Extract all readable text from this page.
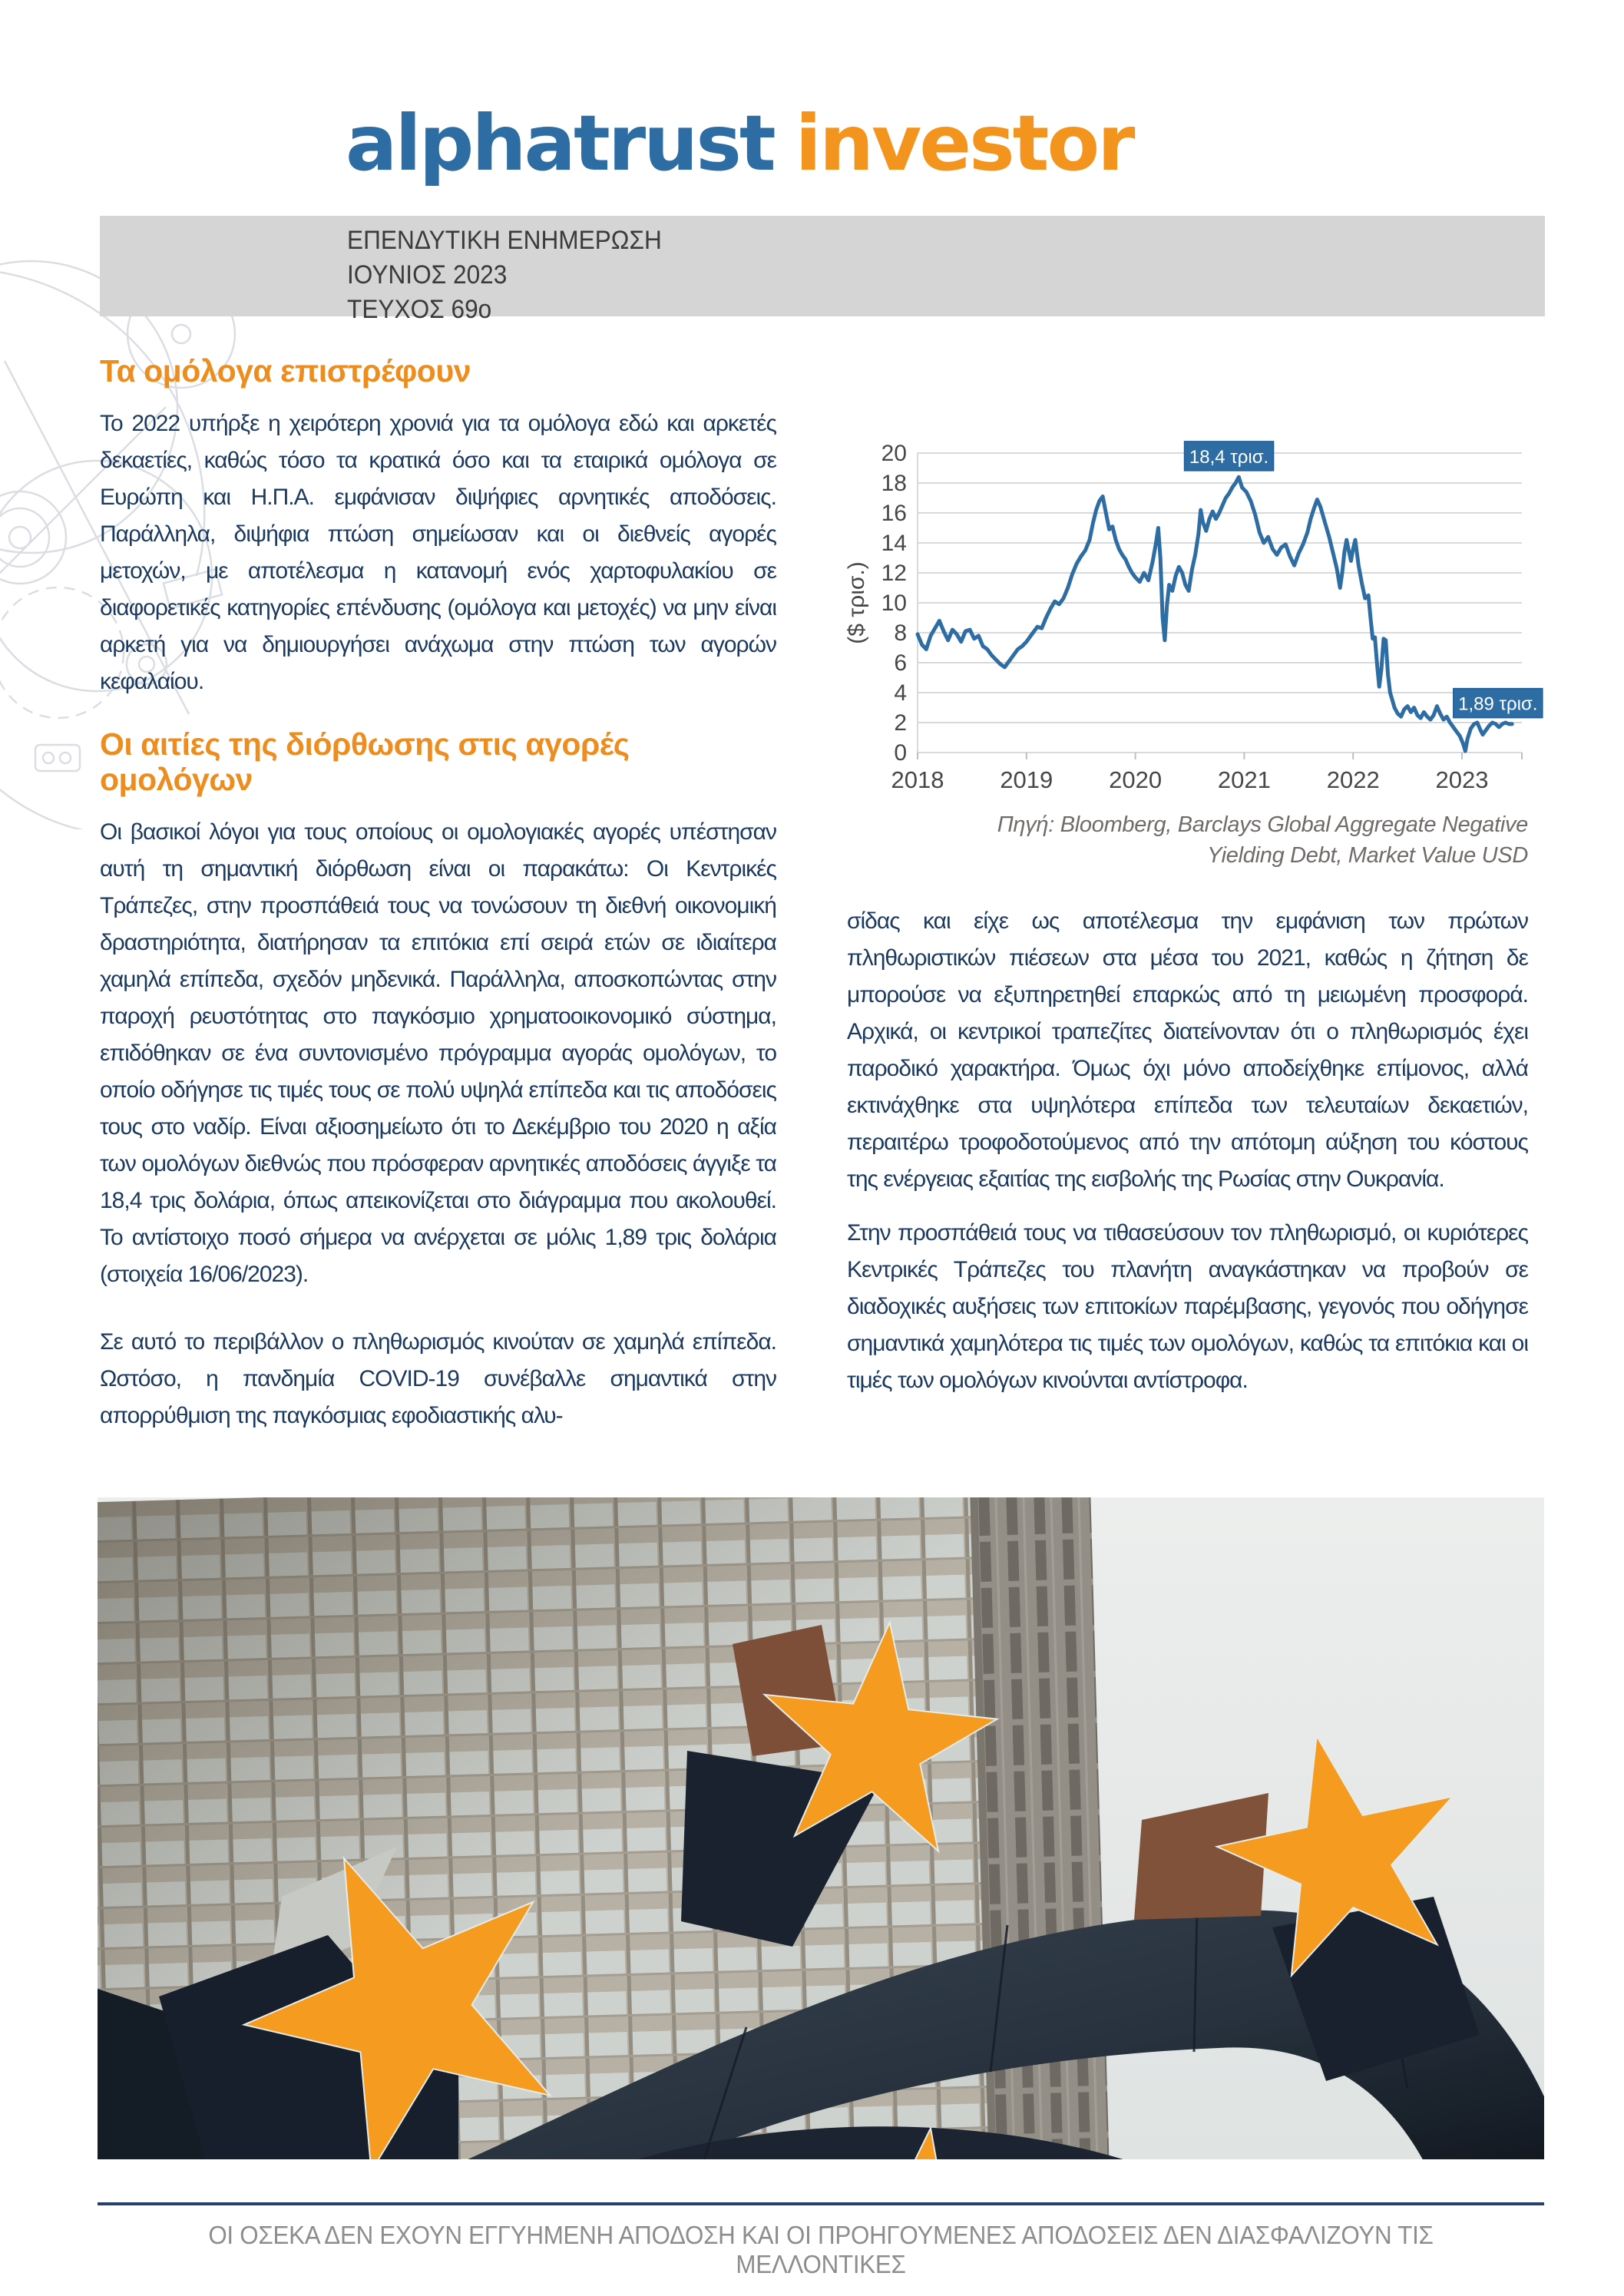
alphatrust investor
ΕΠΕΝΔΥΤΙΚΗ ΕΝΗΜΕΡΩΣΗ
ΙΟΥΝΙΟΣ 2023
ΤΕΥΧΟΣ 69ο
Τα ομόλογα επιστρέφουν
Το 2022 υπήρξε η χειρότερη χρονιά για τα ομόλογα εδώ και αρκετές δεκαετίες, καθώς τόσο τα κρατικά όσο και τα εταιρικά ομόλογα σε Ευρώπη και Η.Π.Α. εμφάνισαν διψήφιες αρνητικές αποδόσεις. Παράλληλα, διψήφια πτώση σημείωσαν και οι διεθνείς αγορές μετοχών, με αποτέλεσμα η κατανομή ενός χαρτοφυλακίου σε διαφορετικές κατηγορίες επένδυσης (ομόλογα και μετοχές) να μην είναι αρκετή για να δημιουργήσει ανάχωμα στην πτώση των αγορών κεφαλαίου.
Οι αιτίες της διόρθωσης στις αγορές ομολόγων
Οι βασικοί λόγοι για τους οποίους οι ομολογιακές αγορές υπέστησαν αυτή τη σημαντική διόρθωση είναι οι παρακάτω: Οι Κεντρικές Τράπεζες, στην προσπάθειά τους να τονώσουν τη διεθνή οικονομική δραστηριότητα, διατήρησαν τα επιτόκια επί σειρά ετών σε ιδιαίτερα χαμηλά επίπεδα, σχεδόν μηδενικά. Παράλληλα, αποσκοπώντας στην παροχή ρευστότητας στο παγκόσμιο χρηματοοικονομικό σύστημα, επιδόθηκαν σε ένα συντονισμένο πρόγραμμα αγοράς ομολόγων, το οποίο οδήγησε τις τιμές τους σε πολύ υψηλά επίπεδα και τις αποδόσεις τους στο ναδίρ. Είναι αξιοσημείωτο ότι το Δεκέμβριο του 2020 η αξία των ομολόγων διεθνώς που πρόσφεραν αρνητικές αποδόσεις άγγιξε τα 18,4 τρις δολάρια, όπως απεικονίζεται στο διάγραμμα που ακολουθεί. Το αντίστοιχο ποσό σήμερα να ανέρχεται σε μόλις 1,89 τρις δολάρια (στοιχεία 16/06/2023).
Σε αυτό το περιβάλλον ο πληθωρισμός κινούταν σε χαμηλά επίπεδα. Ωστόσο, η πανδημία COVID-19 συνέβαλλε σημαντικά στην απορρύθμιση της παγκόσμιας εφοδιαστικής αλυ-
0
2
4
6
8
10
12
14
16
18
20
2018 2019 2020 2021 2022 2023
($ τρισ.)
18,4 τρισ.
1,89 τρισ.
Πηγή: Bloomberg, Barclays Global Aggregate Negative
Yielding Debt, Market Value USD
σίδας και είχε ως αποτέλεσμα την εμφάνιση των πρώτων πληθωριστικών πιέσεων στα μέσα του 2021, καθώς η ζήτηση δε μπορούσε να εξυπηρετηθεί επαρκώς από τη μειωμένη προσφορά. Αρχικά, οι κεντρικοί τραπεζίτες διατείνονταν ότι ο πληθωρισμός έχει παροδικό χαρακτήρα. Όμως όχι μόνο αποδείχθηκε επίμονος, αλλά εκτινάχθηκε στα υψηλότερα επίπεδα των τελευταίων δεκαετιών, περαιτέρω τροφοδοτούμενος από την απότομη αύξηση του κόστους της ενέργειας εξαιτίας της εισβολής της Ρωσίας στην Ουκρανία.
Στην προσπάθειά τους να τιθασεύσουν τον πληθωρισμό, οι κυριότερες Κεντρικές Τράπεζες του πλανήτη αναγκάστηκαν να προβούν σε διαδοχικές αυξήσεις των επιτοκίων παρέμβασης, γεγονός που οδήγησε σημαντικά χαμηλότερα τις τιμές των ομολόγων, καθώς τα επιτόκια και οι τιμές των ομολόγων κινούνται αντίστροφα.
ΟΙ ΟΣΕΚΑ ΔΕΝ ΕΧΟΥΝ ΕΓΓΥΗΜΕΝΗ ΑΠΟΔΟΣΗ ΚΑΙ ΟΙ ΠΡΟΗΓΟΥΜΕΝΕΣ ΑΠΟΔΟΣΕΙΣ ΔΕΝ ΔΙΑΣΦΑΛΙΖΟΥΝ ΤΙΣ ΜΕΛΛΟΝΤΙΚΕΣ
